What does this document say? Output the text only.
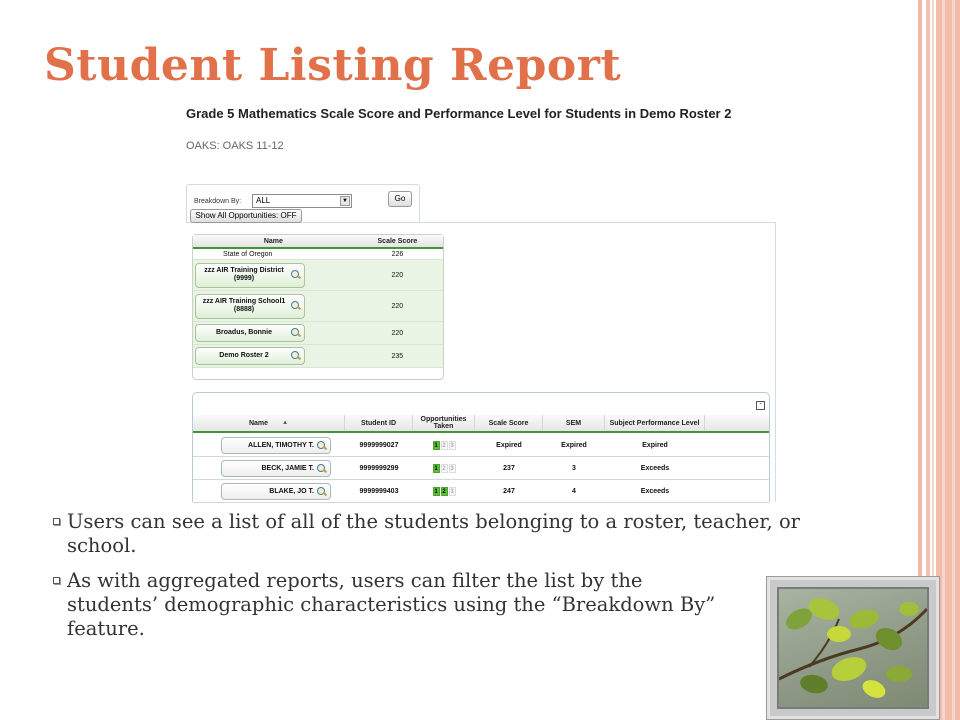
Student Listing Report
Grade 5 Mathematics Scale Score and Performance Level for Students in Demo Roster 2
OAKS: OAKS 11-12
Breakdown By:	ALL	▼	Go
Show All Opportunities: OFF
Name	Scale Score
State of Oregon	226
zzz AIR Training District (9999)	220
zzz AIR Training School1 (8888)	220
Broadus, Bonnie	220
Demo Roster 2	235
-
Name ▲	Student ID	Opportunities Taken	Scale Score	SEM	Subject Performance Level
ALLEN, TIMOTHY T.	9999999027	1 2 3	Expired	Expired	Expired
BECK, JAMIE T.	9999999299	1 2 3	237	3	Exceeds
BLAKE, JO T.	9999999403	1 2 3	247	4	Exceeds
Users can see a list of all of the students belonging to a roster, teacher, or school.
As with aggregated reports, users can filter the list by the students’ demographic characteristics using the “Breakdown By” feature.
